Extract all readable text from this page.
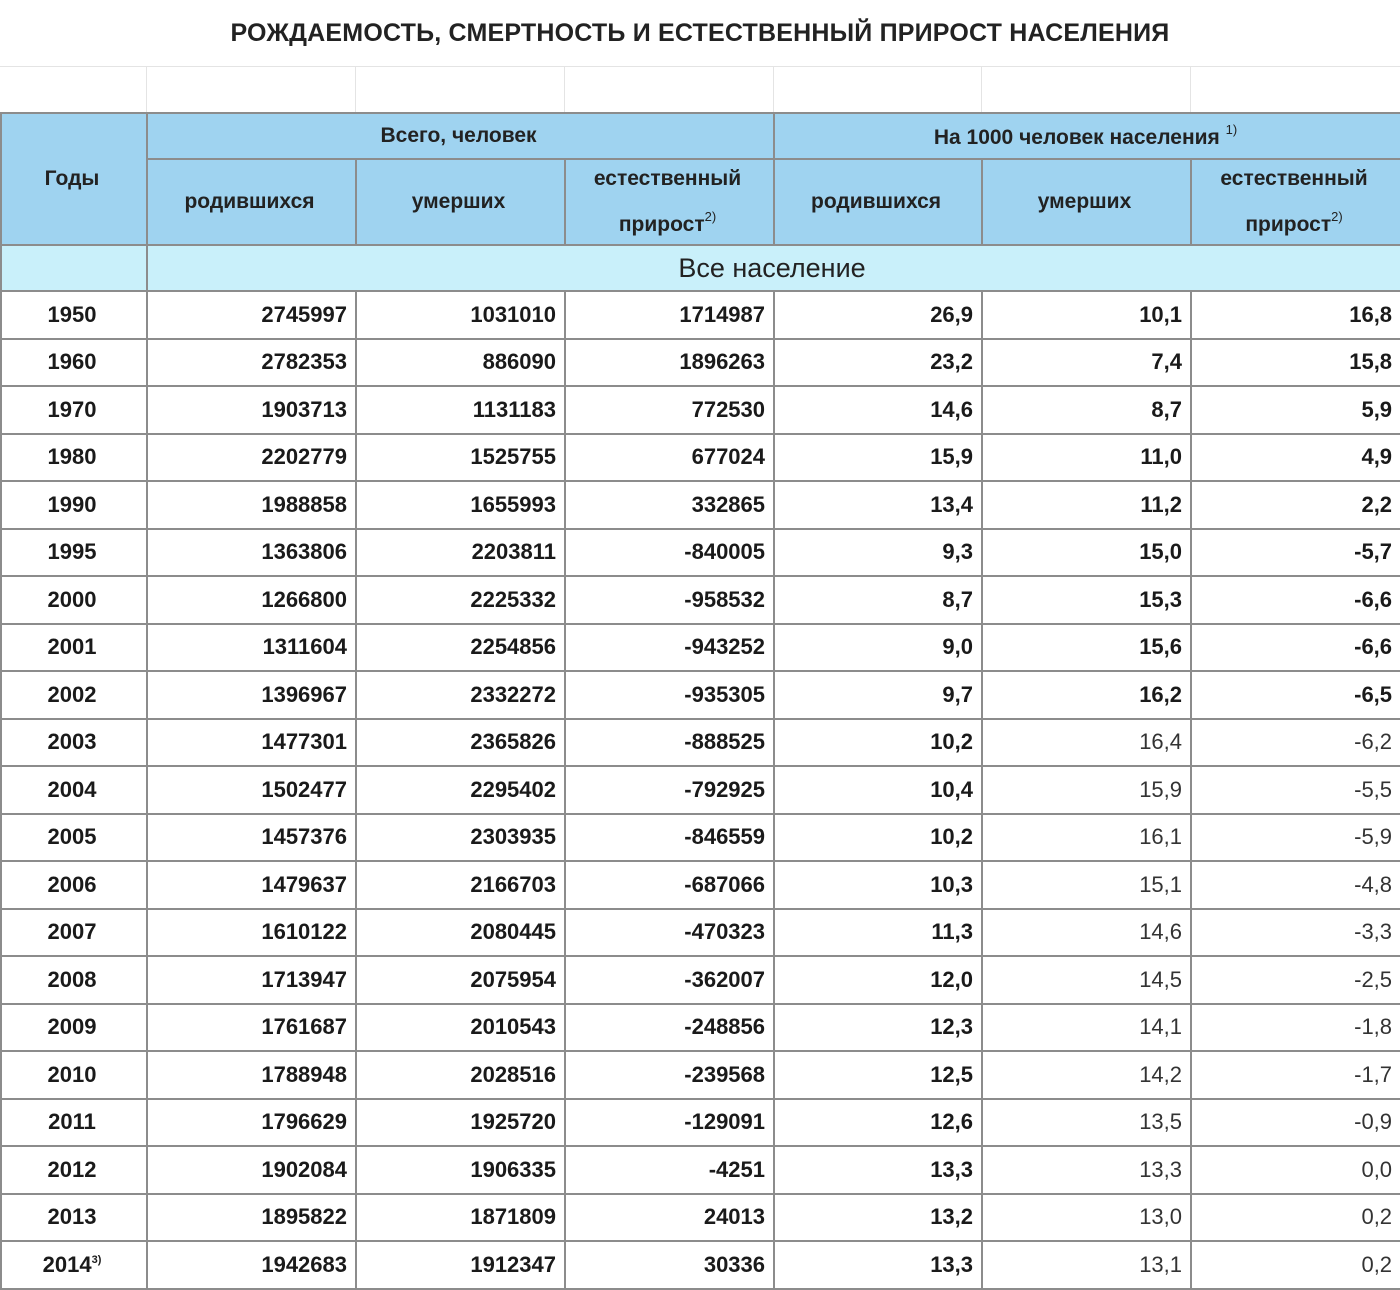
РОЖДАЕМОСТЬ, СМЕРТНОСТЬ И ЕСТЕСТВЕННЫЙ ПРИРОСТ НАСЕЛЕНИЯ
Годы	Всего, человек			На 1000 человек населения $^{1)}$
	родившихся	умерших	естественный прирост$^{2)}$	родившихся	умерших	естественный прирост$^{2)}$

	Все население					
1950	2745997	1031010	1714987	26,9	10,1	16,8
1960	2782353	886090	1896263	23,2	7,4	15,8
1970	1903713	1131183	772530	14,6	8,7	5,9
1980	2202779	1525755	677024	15,9	11,0	4,9
1990	1988858	1655993	332865	13,4	11,2	2,2
1995	1363806	2203811	-840005	9,3	15,0	-5,7
2000	1266800	2225332	-958532	8,7	15,3	-6,6
2001	1311604	2254856	-943252	9,0	15,6	-6,6
2002	1396967	2332272	-935305	9,7	16,2	-6,5
2003	1477301	2365826	-888525	10,2	16,4	-6,2
2004	1502477	2295402	-792925	10,4	15,9	-5,5
2005	1457376	2303935	-846559	10,2	16,1	-5,9
2006	1479637	2166703	-687066	10,3	15,1	-4,8
2007	1610122	2080445	-470323	11,3	14,6	-3,3
2008	1713947	2075954	-362007	12,0	14,5	-2,5
2009	1761687	2010543	-248856	12,3	14,1	-1,8
2010	1788948	2028516	-239568	12,5	14,2	-1,7
2011	1796629	1925720	-129091	12,6	13,5	-0,9
2012	1902084	1906335	-4251	13,3	13,3	0,0
2013	1895822	1871809	24013	13,2	13,0	0,2
2014$^{3)}$	1942683	1912347	30336	13,3	13,1	0,2
